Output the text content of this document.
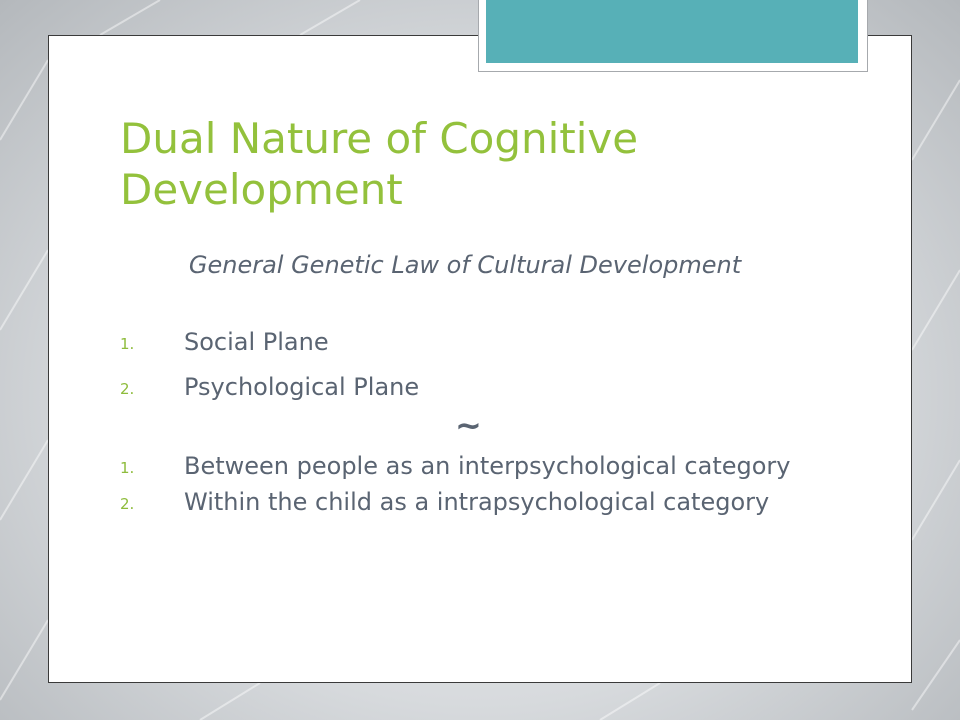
Dual Nature of Cognitive Development

General Genetic Law of Cultural Development

1. Social Plane
2. Psychological Plane

~

1. Between people as an interpsychological category
2. Within the child as a intrapsychological category
